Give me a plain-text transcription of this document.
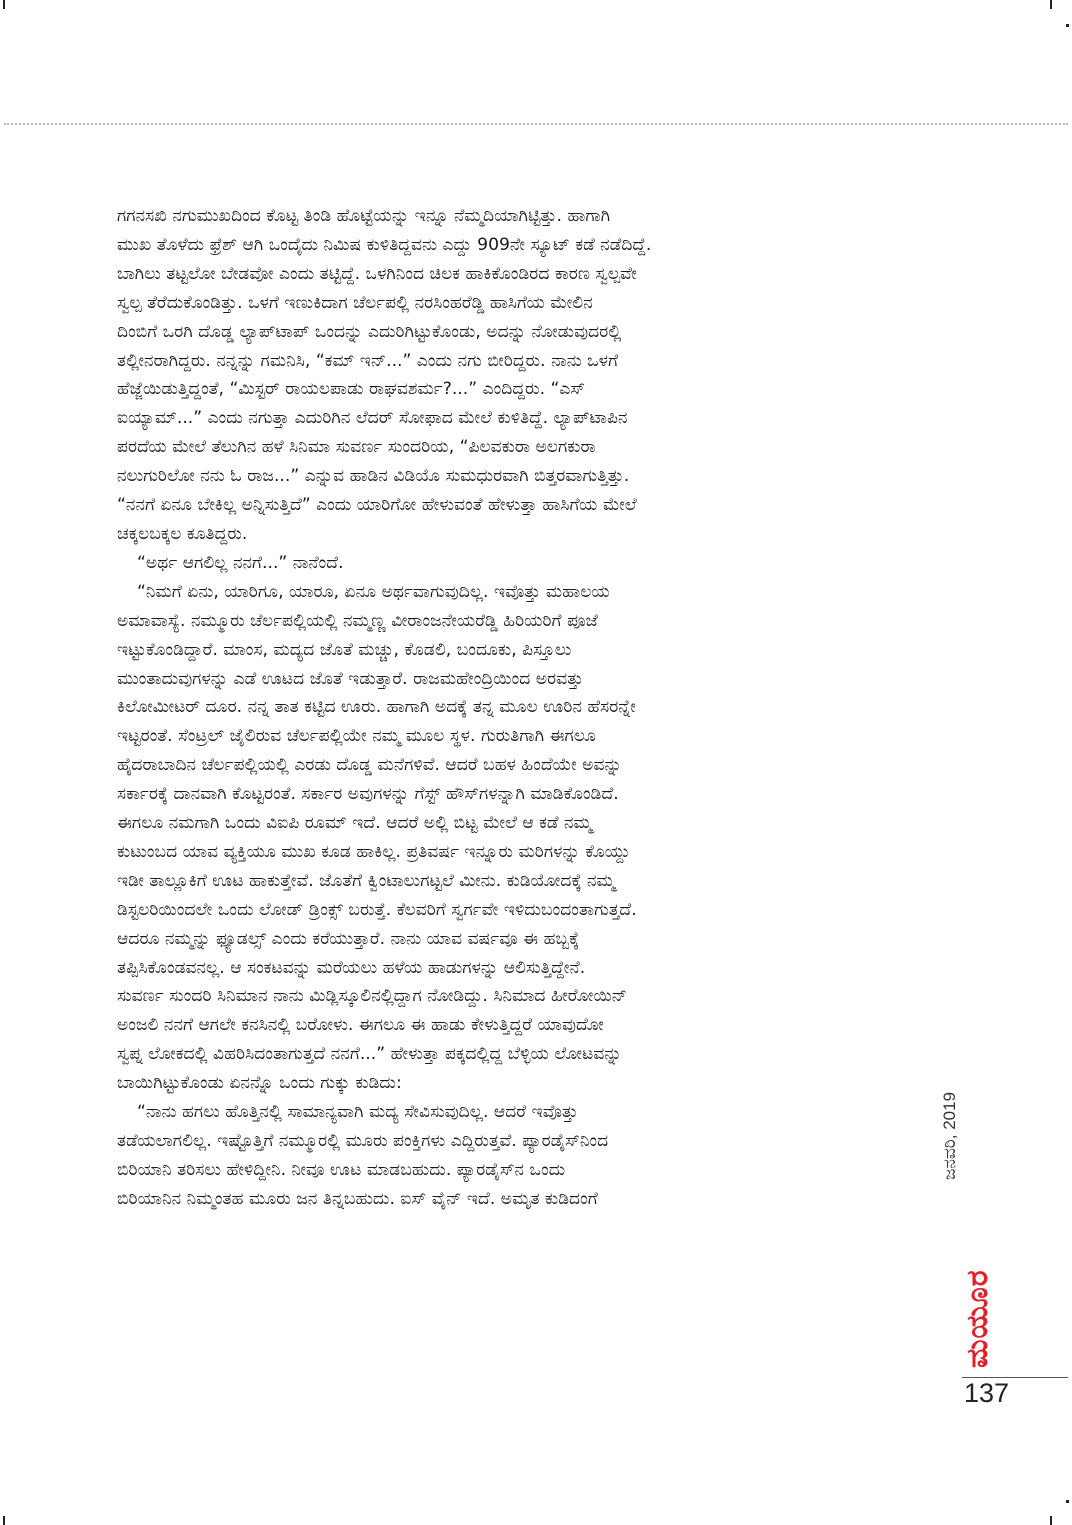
ಗಗನಸಖಿ ನಗುಮುಖದಿಂದ ಕೊಟ್ಟ ತಿಂಡಿ ಹೊಟ್ಟೆಯನ್ನು ಇನ್ನೂ ನೆಮ್ಮದಿಯಾಗಿಟ್ಟಿತ್ತು. ಹಾಗಾಗಿ
ಮುಖ ತೊಳೆದು ಫ್ರೆಶ್ ಆಗಿ ಒಂದೈದು ನಿಮಿಷ ಕುಳಿತಿದ್ದವನು ಎದ್ದು 909ನೇ ಸ್ಯೂಟ್ ಕಡೆ ನಡೆದಿದ್ದೆ.
ಬಾಗಿಲು ತಟ್ಟಲೋ ಬೇಡವೋ ಎಂದು ತಟ್ಟಿದ್ದೆ. ಒಳಗಿನಿಂದ ಚಿಲಕ ಹಾಕಿಕೊಂಡಿರದ ಕಾರಣ ಸ್ವಲ್ಪವೇ
ಸ್ವಲ್ಪ ತೆರೆದುಕೊಂಡಿತ್ತು. ಒಳಗೆ ಇಣುಕಿದಾಗ ಚೆರ್ಲಪಲ್ಲಿ ನರಸಿಂಹರೆಡ್ಡಿ ಹಾಸಿಗೆಯ ಮೇಲಿನ
ದಿಂಬಿಗೆ ಒರಗಿ ದೊಡ್ಡ ಲ್ಯಾಪ್‌ಟಾಪ್ ಒಂದನ್ನು ಎದುರಿಗಿಟ್ಟುಕೊಂಡು, ಅದನ್ನು ನೋಡುವುದರಲ್ಲಿ
ತಲ್ಲೀನರಾಗಿದ್ದರು. ನನ್ನನ್ನು ಗಮನಿಸಿ, “ಕಮ್ ಇನ್...” ಎಂದು ನಗು ಬೀರಿದ್ದರು. ನಾನು ಒಳಗೆ
ಹೆಜ್ಜೆಯಿಡುತ್ತಿದ್ದಂತೆ, “ಮಿಸ್ಟರ್ ರಾಯಲಪಾಡು ರಾಘವಶರ್ಮ?...” ಎಂದಿದ್ದರು. “ಎಸ್
ಐಯ್ಯಾಮ್...” ಎಂದು ನಗುತ್ತಾ ಎದುರಿಗಿನ ಲೆದರ್ ಸೋಫಾದ ಮೇಲೆ ಕುಳಿತಿದ್ದೆ. ಲ್ಯಾಪ್‌ಟಾಪಿನ
ಪರದೆಯ ಮೇಲೆ ತೆಲುಗಿನ ಹಳೆ ಸಿನಿಮಾ ಸುವರ್ಣ ಸುಂದರಿಯ, “ಪಿಲವಕುರಾ ಅಲಗಕುರಾ
ನಲುಗುರಿಲೋ ನನು ಓ ರಾಜ...” ಎನ್ನುವ ಹಾಡಿನ ವಿಡಿಯೊ ಸುಮಧುರವಾಗಿ ಬಿತ್ತರವಾಗುತ್ತಿತ್ತು.
“ನನಗೆ ಏನೂ ಬೇಕಿಲ್ಲ ಅನ್ನಿಸುತ್ತಿದೆ” ಎಂದು ಯಾರಿಗೋ ಹೇಳುವಂತೆ ಹೇಳುತ್ತಾ ಹಾಸಿಗೆಯ ಮೇಲೆ
ಚಕ್ಕಲಬಕ್ಕಲ ಕೂತಿದ್ದರು.
“ಅರ್ಥ ಆಗಲಿಲ್ಲ ನನಗೆ...” ನಾನೆಂದೆ.
“ನಿಮಗೆ ಏನು, ಯಾರಿಗೂ, ಯಾರೂ, ಏನೂ ಅರ್ಥವಾಗುವುದಿಲ್ಲ. ಇವೊತ್ತು ಮಹಾಲಯ
ಅಮಾವಾಸ್ಯೆ. ನಮ್ಮೂರು ಚೆರ್ಲಪಲ್ಲಿಯಲ್ಲಿ ನಮ್ಮಣ್ಣ ವೀರಾಂಜನೇಯರೆಡ್ಡಿ ಹಿರಿಯರಿಗೆ ಪೂಜೆ
ಇಟ್ಟುಕೊಂಡಿದ್ದಾರೆ. ಮಾಂಸ, ಮದ್ಯದ ಜೊತೆ ಮಚ್ಚು, ಕೊಡಲಿ, ಬಂದೂಕು, ಪಿಸ್ತೂಲು
ಮುಂತಾದುವುಗಳನ್ನು ಎಡೆ ಊಟದ ಜೊತೆ ಇಡುತ್ತಾರೆ. ರಾಜಮಹೇಂದ್ರಿಯಿಂದ ಅರವತ್ತು
ಕಿಲೋಮೀಟರ್ ದೂರ. ನನ್ನ ತಾತ ಕಟ್ಟಿದ ಊರು. ಹಾಗಾಗಿ ಅದಕ್ಕೆ ತನ್ನ ಮೂಲ ಊರಿನ ಹೆಸರನ್ನೇ
ಇಟ್ಟರಂತೆ. ಸೆಂಟ್ರಲ್ ಜೈಲಿರುವ ಚೆರ್ಲಪಲ್ಲಿಯೇ ನಮ್ಮ ಮೂಲ ಸ್ಥಳ. ಗುರುತಿಗಾಗಿ ಈಗಲೂ
ಹೈದರಾಬಾದಿನ ಚೆರ್ಲಪಲ್ಲಿಯಲ್ಲಿ ಎರಡು ದೊಡ್ಡ ಮನೆಗಳಿವೆ. ಆದರೆ ಬಹಳ ಹಿಂದೆಯೇ ಅವನ್ನು
ಸರ್ಕಾರಕ್ಕೆ ದಾನವಾಗಿ ಕೊಟ್ಟರಂತೆ. ಸರ್ಕಾರ ಅವುಗಳನ್ನು ಗೆಸ್ಟ್ ಹೌಸ್‌ಗಳನ್ನಾಗಿ ಮಾಡಿಕೊಂಡಿದೆ.
ಈಗಲೂ ನಮಗಾಗಿ ಒಂದು ವಿಐಪಿ ರೂಮ್ ಇದೆ. ಆದರೆ ಅಲ್ಲಿ ಬಿಟ್ಟ ಮೇಲೆ ಆ ಕಡೆ ನಮ್ಮ
ಕುಟುಂಬದ ಯಾವ ವ್ಯಕ್ತಿಯೂ ಮುಖ ಕೂಡ ಹಾಕಿಲ್ಲ. ಪ್ರತಿವರ್ಷ ಇನ್ನೂರು ಮರಿಗಳನ್ನು ಕೊಯ್ದು
ಇಡೀ ತಾಲ್ಲೂಕಿಗೆ ಊಟ ಹಾಕುತ್ತೇವೆ. ಜೊತೆಗೆ ಕ್ವಿಂಟಾಲುಗಟ್ಟಲೆ ಮೀನು. ಕುಡಿಯೋದಕ್ಕೆ ನಮ್ಮ
ಡಿಸ್ಟಲರಿಯಿಂದಲೇ ಒಂದು ಲೋಡ್ ಡ್ರಿಂಕ್ಸ್ ಬರುತ್ತೆ. ಕೆಲವರಿಗೆ ಸ್ವರ್ಗವೇ ಇಳಿದುಬಂದಂತಾಗುತ್ತದೆ.
ಆದರೂ ನಮ್ಮನ್ನು ಫ್ಯೂಡಲ್ಸ್ ಎಂದು ಕರೆಯುತ್ತಾರೆ. ನಾನು ಯಾವ ವರ್ಷವೂ ಈ ಹಬ್ಬಕ್ಕೆ
ತಪ್ಪಿಸಿಕೊಂಡವನಲ್ಲ. ಆ ಸಂಕಟವನ್ನು ಮರೆಯಲು ಹಳೆಯ ಹಾಡುಗಳನ್ನು ಆಲಿಸುತ್ತಿದ್ದೇನೆ.
ಸುವರ್ಣ ಸುಂದರಿ ಸಿನಿಮಾನ ನಾನು ಮಿಡ್ಲಿಸ್ಕೂಲಿನಲ್ಲಿದ್ದಾಗ ನೋಡಿದ್ದು. ಸಿನಿಮಾದ ಹೀರೋಯಿನ್
ಅಂಜಲಿ ನನಗೆ ಆಗಲೇ ಕನಸಿನಲ್ಲಿ ಬರೋಳು. ಈಗಲೂ ಈ ಹಾಡು ಕೇಳುತ್ತಿದ್ದರೆ ಯಾವುದೋ
ಸ್ವಪ್ನ ಲೋಕದಲ್ಲಿ ವಿಹರಿಸಿದಂತಾಗುತ್ತದೆ ನನಗೆ...” ಹೇಳುತ್ತಾ ಪಕ್ಕದಲ್ಲಿದ್ದ ಬೆಳ್ಳಿಯ ಲೋಟವನ್ನು
ಬಾಯಿಗಿಟ್ಟುಕೊಂಡು ಏನನ್ನೊ ಒಂದು ಗುಕ್ಕು ಕುಡಿದು:
“ನಾನು ಹಗಲು ಹೊತ್ತಿನಲ್ಲಿ ಸಾಮಾನ್ಯವಾಗಿ ಮದ್ಯ ಸೇವಿಸುವುದಿಲ್ಲ. ಆದರೆ ಇವೊತ್ತು
ತಡೆಯಲಾಗಲಿಲ್ಲ. ಇಷ್ಟೊತ್ತಿಗೆ ನಮ್ಮೂರಲ್ಲಿ ಮೂರು ಪಂಕ್ತಿಗಳು ಎದ್ದಿರುತ್ತವೆ. ಪ್ಯಾರಡೈಸ್‌ನಿಂದ
ಬಿರಿಯಾನಿ ತರಿಸಲು ಹೇಳಿದ್ದೀನಿ. ನೀವೂ ಊಟ ಮಾಡಬಹುದು. ಪ್ಯಾರಡೈಸ್‌ನ ಒಂದು
ಬಿರಿಯಾನಿನ ನಿಮ್ಮಂತಹ ಮೂರು ಜನ ತಿನ್ನಬಹುದು. ಐಸ್ ವೈನ್ ಇದೆ. ಅಮೃತ ಕುಡಿದಂಗೆ
ಜನವರಿ, 2019
ಮಯೂರ
137
